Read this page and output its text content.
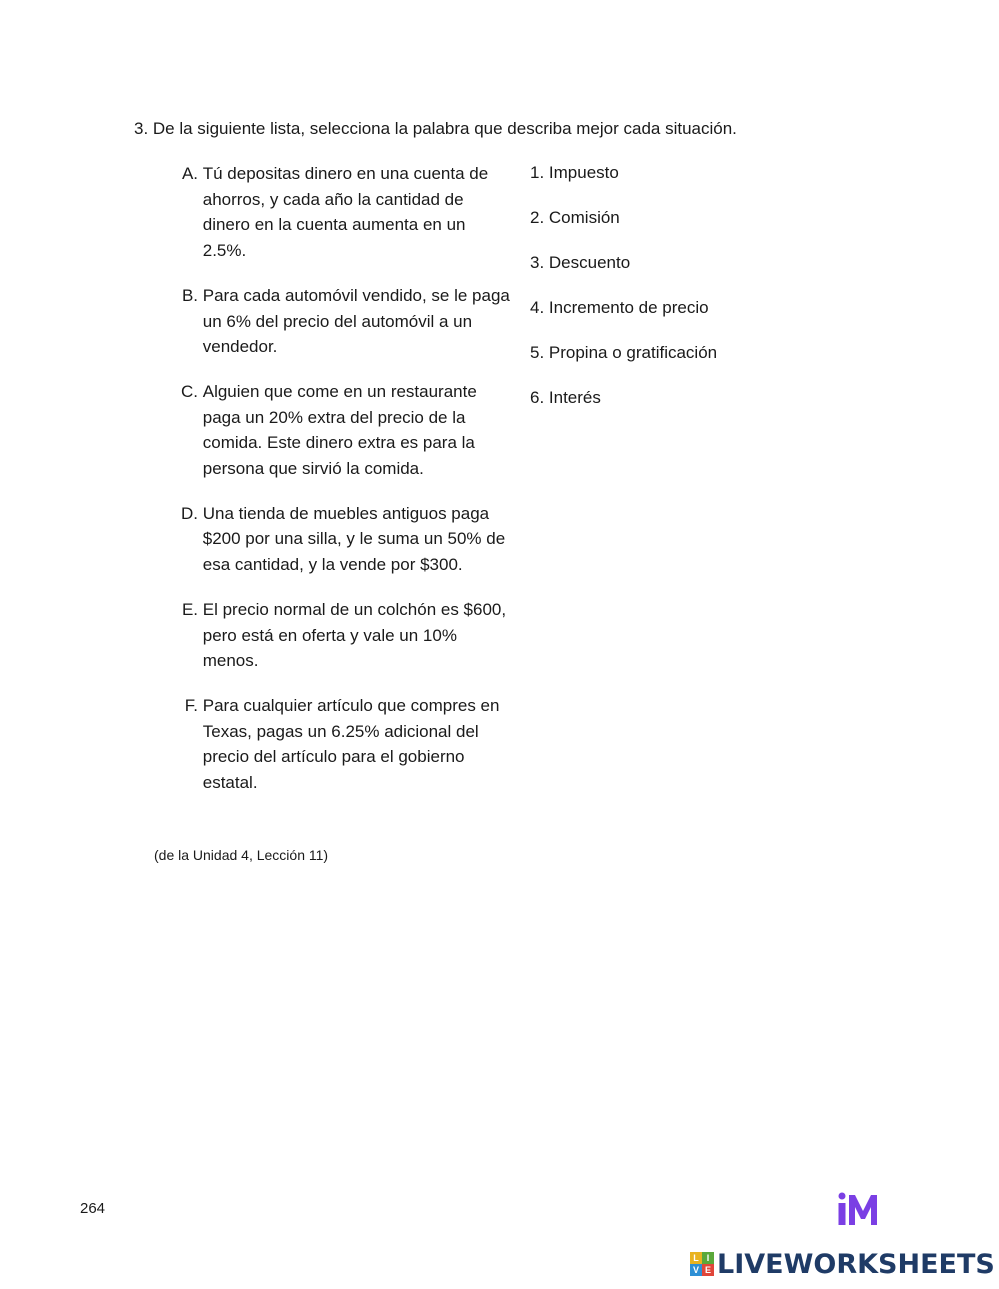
3. De la siguiente lista, selecciona la palabra que describa mejor cada situación.
A.
Tú depositas dinero en una cuenta de ahorros, y cada año la cantidad de dinero en la cuenta aumenta en un 2.5%.
B.
Para cada automóvil vendido, se le paga un 6% del precio del automóvil a un vendedor.
C.
Alguien que come en un restaurante paga un 20% extra del precio de la comida. Este dinero extra es para la persona que sirvió la comida.
D.
Una tienda de muebles antiguos paga $200 por una silla, y le suma un 50% de esa cantidad, y la vende por $300.
E.
El precio normal de un colchón es $600, pero está en oferta y vale un 10% menos.
F.
Para cualquier artículo que compres en Texas, pagas un 6.25% adicional del precio del artículo para el gobierno estatal.
1. Impuesto
2. Comisión
3. Descuento
4. Incremento de precio
5. Propina o gratificación
6. Interés
(de la Unidad 4, Lección 11)
264
L I
V E LIVEWORKSHEETS
